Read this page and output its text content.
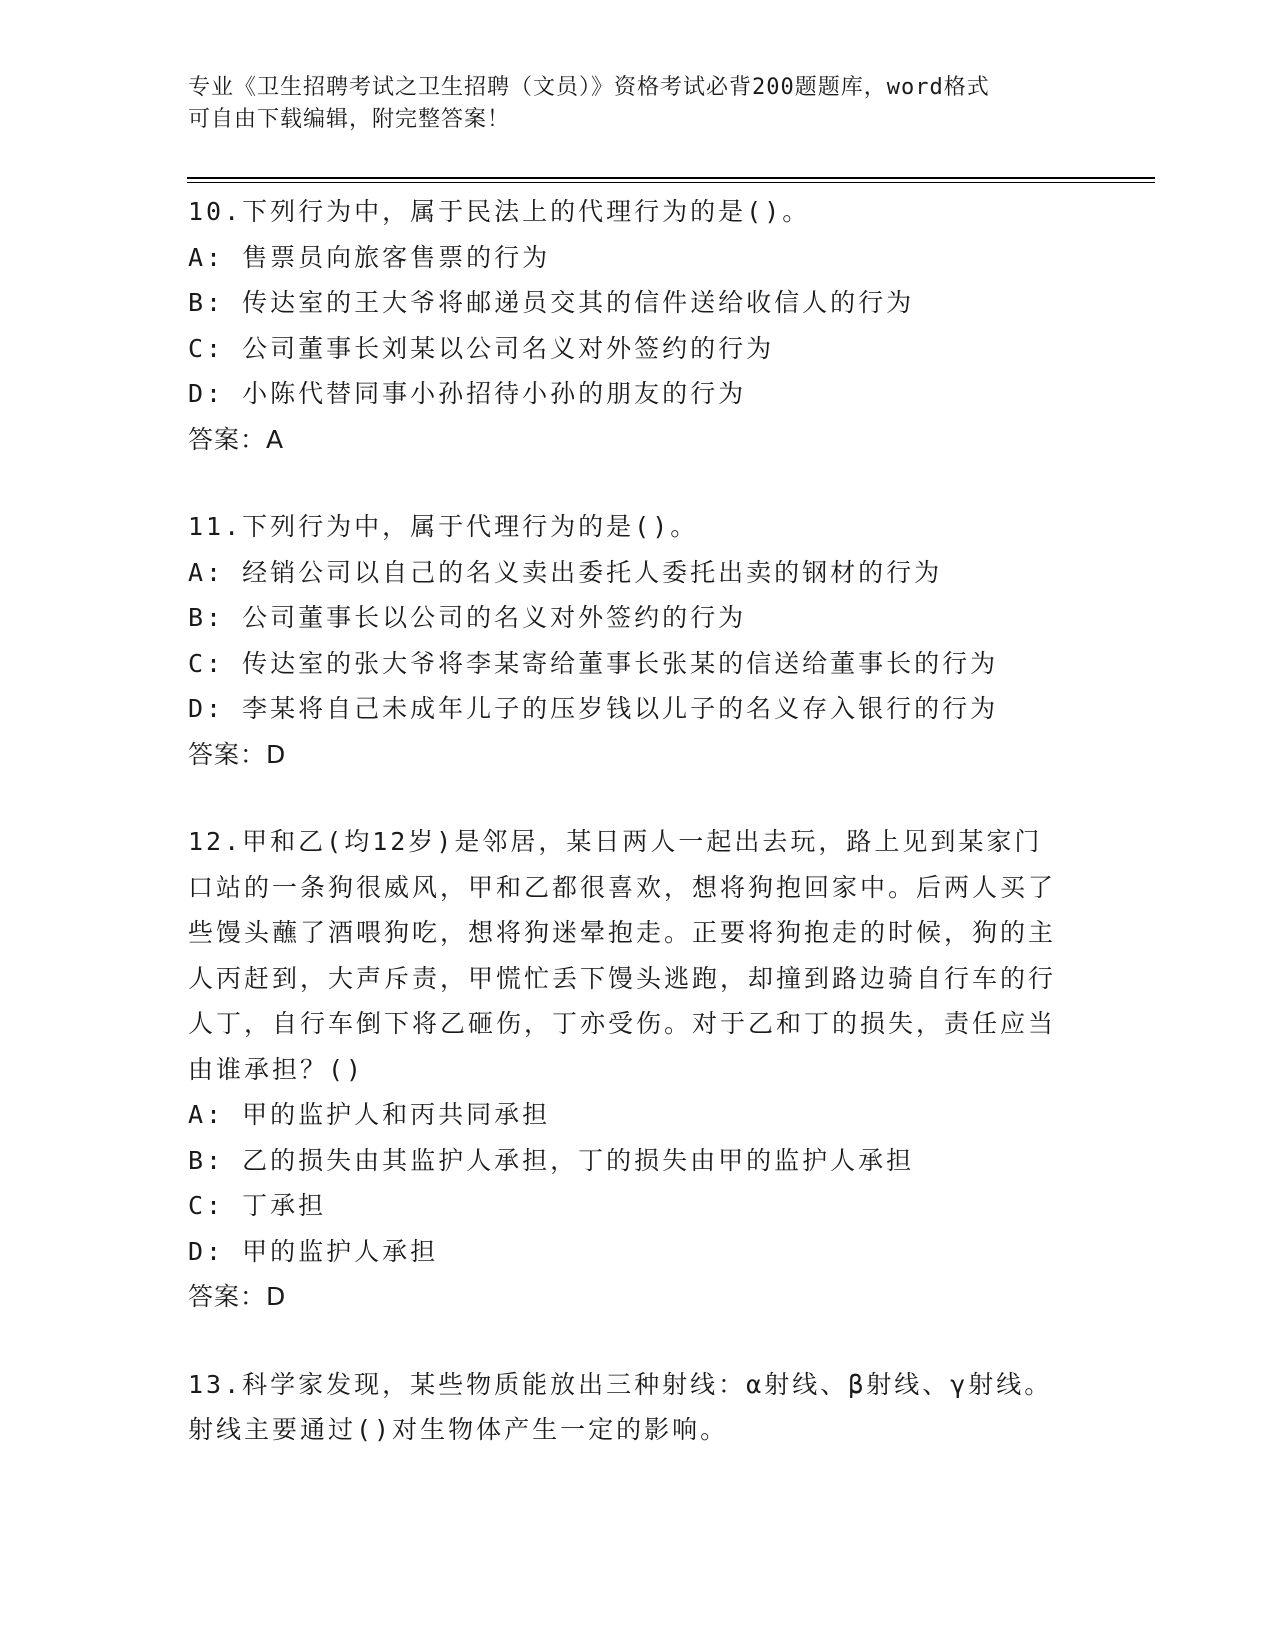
专业《卫生招聘考试之卫生招聘（文员）》资格考试必背200题题库，word格式
可自由下载编辑，附完整答案！

10.下列行为中，属于民法上的代理行为的是()。

A: 售票员向旅客售票的行为

B: 传达室的王大爷将邮递员交其的信件送给收信人的行为

C: 公司董事长刘某以公司名义对外签约的行为

D: 小陈代替同事小孙招待小孙的朋友的行为

答案：A

11.下列行为中，属于代理行为的是()。

A: 经销公司以自己的名义卖出委托人委托出卖的钢材的行为

B: 公司董事长以公司的名义对外签约的行为

C: 传达室的张大爷将李某寄给董事长张某的信送给董事长的行为

D: 李某将自己未成年儿子的压岁钱以儿子的名义存入银行的行为

答案：D

12.甲和乙(均12岁)是邻居，某日两人一起出去玩，路上见到某家门口站的一条狗很威风，甲和乙都很喜欢，想将狗抱回家中。后两人买了些馒头蘸了酒喂狗吃，想将狗迷晕抱走。正要将狗抱走的时候，狗的主人丙赶到，大声斥责，甲慌忙丢下馒头逃跑，却撞到路边骑自行车的行人丁，自行车倒下将乙砸伤，丁亦受伤。对于乙和丁的损失，责任应当由谁承担？()

A: 甲的监护人和丙共同承担

B: 乙的损失由其监护人承担，丁的损失由甲的监护人承担

C: 丁承担

D: 甲的监护人承担

答案：D

13.科学家发现，某些物质能放出三种射线：α射线、β射线、γ射线。射线主要通过()对生物体产生一定的影响。
